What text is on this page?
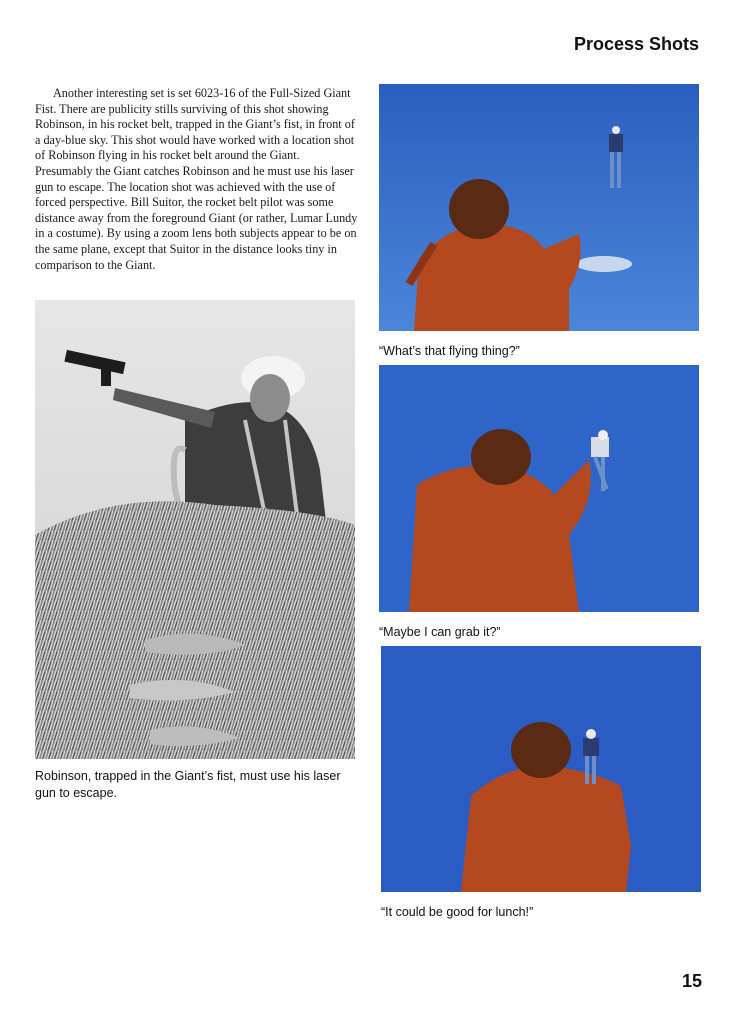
Process Shots

Another interesting set is set 6023-16 of the Full-Sized Giant Fist. There are publicity stills surviving of this shot showing Robinson, in his rocket belt, trapped in the Giant’s fist, in front of a day-blue sky. This shot would have worked with a location shot of Robinson flying in his rocket belt around the Giant. Presumably the Giant catches Robinson and he must use his laser gun to escape. The location shot was achieved with the use of forced perspective. Bill Suitor, the rocket belt pilot was some distance away from the foreground Giant (or rather, Lumar Lundy in a costume). By using a zoom lens both subjects appear to be on the same plane, except that Suitor in the distance looks tiny in comparison to the Giant.

Robinson, trapped in the Giant’s fist, must use his laser gun to escape.

“What’s that flying thing?”

“Maybe I can grab it?”

“It could be good for lunch!”

15
